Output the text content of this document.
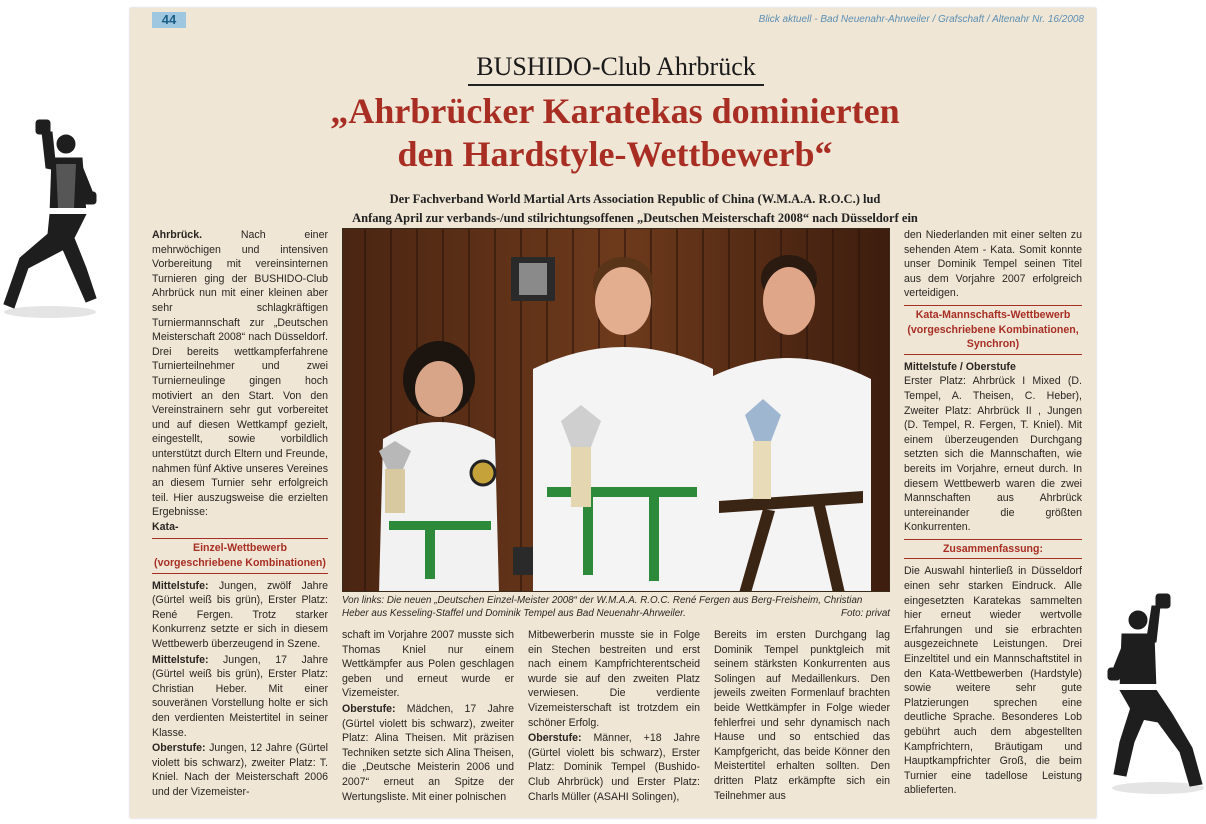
44	Blick aktuell - Bad Neuenahr-Ahrweiler / Grafschaft / Altenahr Nr. 16/2008
BUSHIDO-Club Ahrbrück
„Ahrbrücker Karatekas dominierten
den Hardstyle-Wettbewerb“
Der Fachverband World Martial Arts Association Republic of China (W.M.A.A. R.O.C.) lud
Anfang April zur verbands-/und stilrichtungsoffenen „Deutschen Meisterschaft 2008“ nach Düsseldorf ein

Ahrbrück. Nach einer mehrwöchigen und intensiven Vorbereitung mit vereinsinternen Turnieren ging der BUSHIDO-Club Ahrbrück nun mit einer kleinen aber sehr schlagkräftigen Turniermannschaft zur „Deutschen Meisterschaft 2008“ nach Düsseldorf. Drei bereits wettkampferfahrene Turnierteilnehmer und zwei Turnierneulinge gingen hoch motiviert an den Start. Von den Vereinstrainern sehr gut vorbereitet und auf diesen Wettkampf gezielt, eingestellt, sowie vorbildlich unterstützt durch Eltern und Freunde, nahmen fünf Aktive unseres Vereines an diesem Turnier sehr erfolgreich teil. Hier auszugsweise die erzielten Ergebnisse:
Kata-

Einzel-Wettbewerb (vorgeschriebene Kombinationen)

Mittelstufe: Jungen, zwölf Jahre (Gürtel weiß bis grün), Erster Platz: René Fergen. Trotz starker Konkurrenz setzte er sich in diesem Wettbewerb überzeugend in Szene.

Mittelstufe: Jungen, 17 Jahre (Gürtel weiß bis grün), Erster Platz: Christian Heber. Mit einer souveränen Vorstellung holte er sich den verdienten Meistertitel in seiner Klasse.

Oberstufe: Jungen, 12 Jahre (Gürtel violett bis schwarz), zweiter Platz: T. Kniel. Nach der Meisterschaft 2006 und der Vizemeister-

Von links: Die neuen „Deutschen Einzel-Meister 2008“ der W.M.A.A. R.O.C. René Fergen aus Berg-Freisheim, Christian Heber aus Kesseling-Staffel und Dominik Tempel aus Bad Neuenahr-Ahrweiler.	Foto: privat

schaft im Vorjahre 2007 musste sich Thomas Kniel nur einem Wettkämpfer aus Polen geschlagen geben und erneut wurde er Vizemeister.

Oberstufe: Mädchen, 17 Jahre (Gürtel violett bis schwarz), zweiter Platz: Alina Theisen. Mit präzisen Techniken setzte sich Alina Theisen, die „Deutsche Meisterin 2006 und 2007“ erneut an Spitze der Wertungsliste. Mit einer polnischen

Mitbewerberin musste sie in Folge ein Stechen bestreiten und erst nach einem Kampfrichterentscheid wurde sie auf den zweiten Platz verwiesen. Die verdiente Vizemeisterschaft ist trotzdem ein schöner Erfolg.

Oberstufe: Männer, +18 Jahre (Gürtel violett bis schwarz), Erster Platz: Dominik Tempel (Bushido-Club Ahrbrück) und Erster Platz: Charls Müller (ASAHI Solingen),

Bereits im ersten Durchgang lag Dominik Tempel punktgleich mit seinem stärksten Konkurrenten aus Solingen auf Medaillenkurs. Den jeweils zweiten Formenlauf brachten beide Wettkämpfer in Folge wieder fehlerfrei und sehr dynamisch nach Hause und so entschied das Kampfgericht, das beide Könner den Meistertitel erhalten sollten. Den dritten Platz erkämpfte sich ein Teilnehmer aus

den Niederlanden mit einer selten zu sehenden Atem - Kata. Somit konnte unser Dominik Tempel seinen Titel aus dem Vorjahre 2007 erfolgreich verteidigen.

Kata-Mannschafts-Wettbewerb (vorgeschriebene Kombinationen, Synchron)

Mittelstufe / Oberstufe
Erster Platz: Ahrbrück I Mixed (D. Tempel, A. Theisen, C. Heber), Zweiter Platz: Ahrbrück II , Jungen (D. Tempel, R. Fergen, T. Kniel). Mit einem überzeugenden Durchgang setzten sich die Mannschaften, wie bereits im Vorjahre, erneut durch. In diesem Wettbewerb waren die zwei Mannschaften aus Ahrbrück untereinander die größten Konkurrenten.

Zusammenfassung:

Die Auswahl hinterließ in Düsseldorf einen sehr starken Eindruck. Alle eingesetzten Karatekas sammelten hier erneut wieder wertvolle Erfahrungen und sie erbrachten ausgezeichnete Leistungen. Drei Einzeltitel und ein Mannschaftstitel in den Kata-Wettbewerben (Hardstyle) sowie weitere sehr gute Platzierungen sprechen eine deutliche Sprache. Besonderes Lob gebührt auch dem abgestellten Kampfrichtern, Bräutigam und Hauptkampfrichter Groß, die beim Turnier eine tadellose Leistung ablieferten.
